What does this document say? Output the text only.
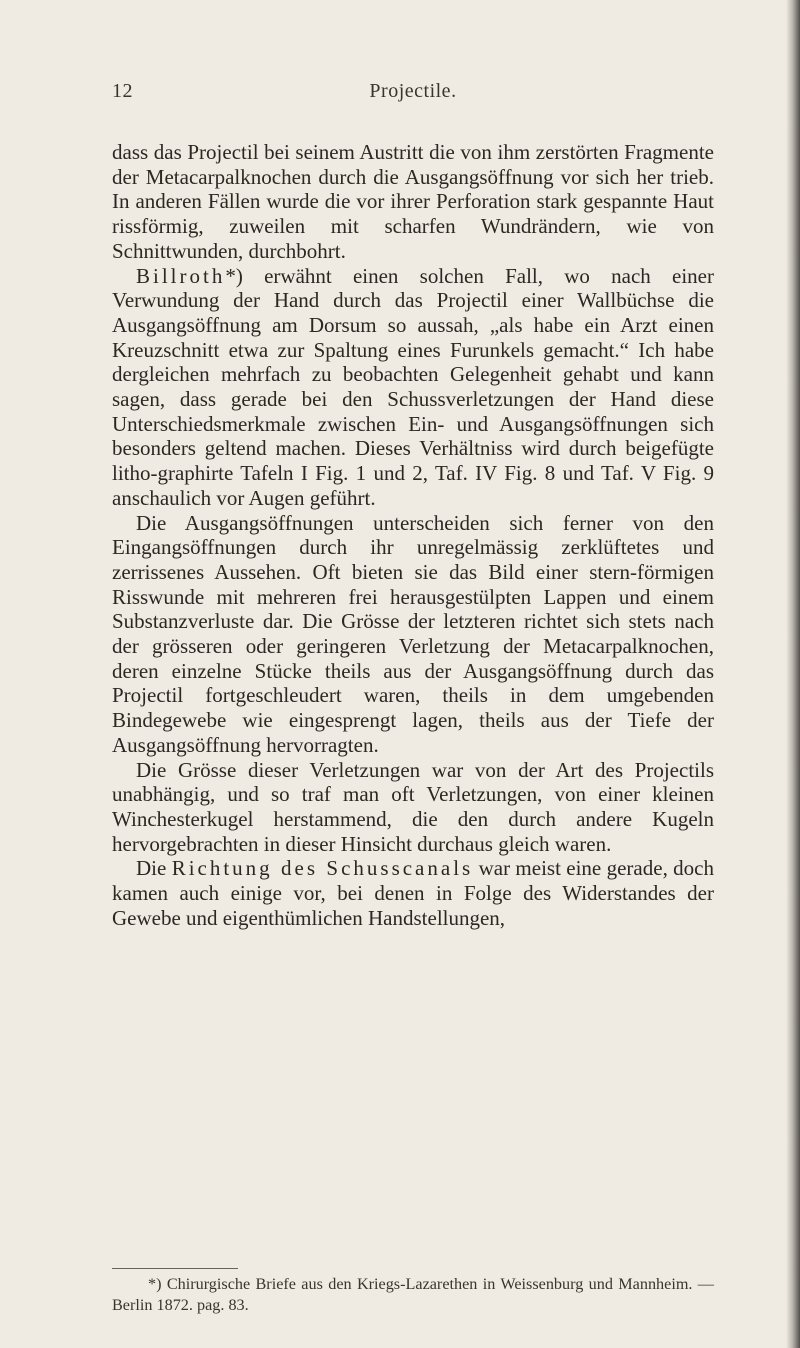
12	Projectile.

dass das Projectil bei seinem Austritt die von ihm zerstörten Fragmente der Metacarpalknochen durch die Ausgangsöffnung vor sich her trieb. In anderen Fällen wurde die vor ihrer Perforation stark gespannte Haut rissförmig, zuweilen mit scharfen Wundrändern, wie von Schnittwunden, durchbohrt.

Billroth*) erwähnt einen solchen Fall, wo nach einer Verwundung der Hand durch das Projectil einer Wallbüchse die Ausgangsöffnung am Dorsum so aussah, „als habe ein Arzt einen Kreuzschnitt etwa zur Spaltung eines Furunkels gemacht.“ Ich habe dergleichen mehrfach zu beobachten Gelegenheit gehabt und kann sagen, dass gerade bei den Schussverletzungen der Hand diese Unterschiedsmerkmale zwischen Ein- und Ausgangsöffnungen sich besonders geltend machen. Dieses Verhältniss wird durch beigefügte litho-graphirte Tafeln I Fig. 1 und 2, Taf. IV Fig. 8 und Taf. V Fig. 9 anschaulich vor Augen geführt.

Die Ausgangsöffnungen unterscheiden sich ferner von den Eingangsöffnungen durch ihr unregelmässig zerklüftetes und zerrissenes Aussehen. Oft bieten sie das Bild einer stern-förmigen Risswunde mit mehreren frei herausgestülpten Lappen und einem Substanzverluste dar. Die Grösse der letzteren richtet sich stets nach der grösseren oder geringeren Verletzung der Metacarpalknochen, deren einzelne Stücke theils aus der Ausgangsöffnung durch das Projectil fortgeschleudert waren, theils in dem umgebenden Bindegewebe wie eingesprengt lagen, theils aus der Tiefe der Ausgangsöffnung hervorragten.

Die Grösse dieser Verletzungen war von der Art des Projectils unabhängig, und so traf man oft Verletzungen, von einer kleinen Winchesterkugel herstammend, die den durch andere Kugeln hervorgebrachten in dieser Hinsicht durchaus gleich waren.

Die Richtung des Schusscanals war meist eine gerade, doch kamen auch einige vor, bei denen in Folge des Widerstandes der Gewebe und eigenthümlichen Handstellungen,

*) Chirurgische Briefe aus den Kriegs-Lazarethen in Weissenburg und Mannheim. — Berlin 1872. pag. 83.
